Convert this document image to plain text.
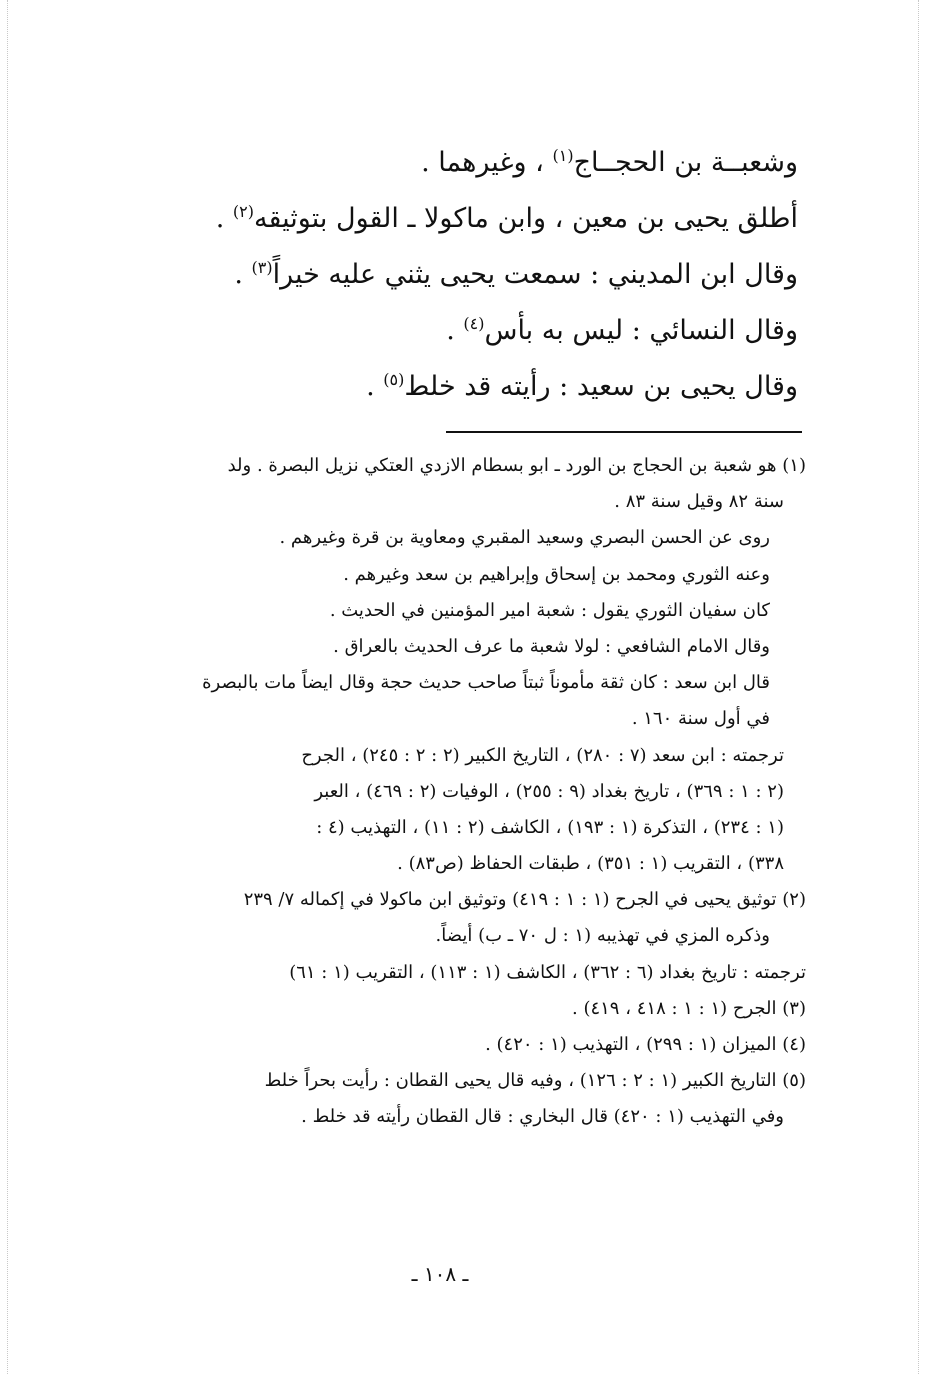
وشعبــة بن الحجــاج$^{(١)}$ ، وغيرهما .
أطلق يحيى بن معين ، وابن ماكولا ـ القول بتوثيقه$^{(٢)}$ .
وقال ابن المديني : سمعت يحيى يثني عليه خيراً$^{(٣)}$ .
وقال النسائي : ليس به بأس$^{(٤)}$ .
وقال يحيى بن سعيد : رأيته قد خلط$^{(٥)}$ .
(١) هو شعبة بن الحجاج بن الورد ـ ابو بسطام الازدي العتكي نزيل البصرة . ولد
سنة ٨٢ وقيل سنة ٨٣ .
روى عن الحسن البصري وسعيد المقبري ومعاوية بن قرة وغيرهم .
وعنه الثوري ومحمد بن إسحاق وإبراهيم بن سعد وغيرهم .
كان سفيان الثوري يقول : شعبة امير المؤمنين في الحديث .
وقال الامام الشافعي : لولا شعبة ما عرف الحديث بالعراق .
قال ابن سعد : كان ثقة مأموناً ثبتاً صاحب حديث حجة وقال ايضاً مات بالبصرة
في أول سنة ١٦٠ .
ترجمته : ابن سعد (٧ : ٢٨٠) ، التاريخ الكبير (٢ : ٢ : ٢٤٥) ، الجرح
(٢ : ١ : ٣٦٩) ، تاريخ بغداد (٩ : ٢٥٥) ، الوفيات (٢ : ٤٦٩) ، العبر
(١ : ٢٣٤) ، التذكرة (١ : ١٩٣) ، الكاشف (٢ : ١١) ، التهذيب (٤ :
٣٣٨) ، التقريب (١ : ٣٥١) ، طبقات الحفاظ (ص٨٣) .
(٢) توثيق يحيى في الجرح (١ : ١ : ٤١٩) وتوثيق ابن ماكولا في إكماله ٧/ ٢٣٩
وذكره المزي في تهذيبه (١ : ل ٧٠ ـ ب) أيضاً.
ترجمته : تاريخ بغداد (٦ : ٣٦٢) ، الكاشف (١ : ١١٣) ، التقريب (١ : ٦١)
(٣) الجرح (١ : ١ : ٤١٨ ، ٤١٩) .
(٤) الميزان (١ : ٢٩٩) ، التهذيب (١ : ٤٢٠) .
(٥) التاريخ الكبير (١ : ٢ : ١٢٦) ، وفيه قال يحيى القطان : رأيت بحراً خلط
وفي التهذيب (١ : ٤٢٠) قال البخاري : قال القطان رأيته قد خلط .
ـ ١٠٨ ـ
